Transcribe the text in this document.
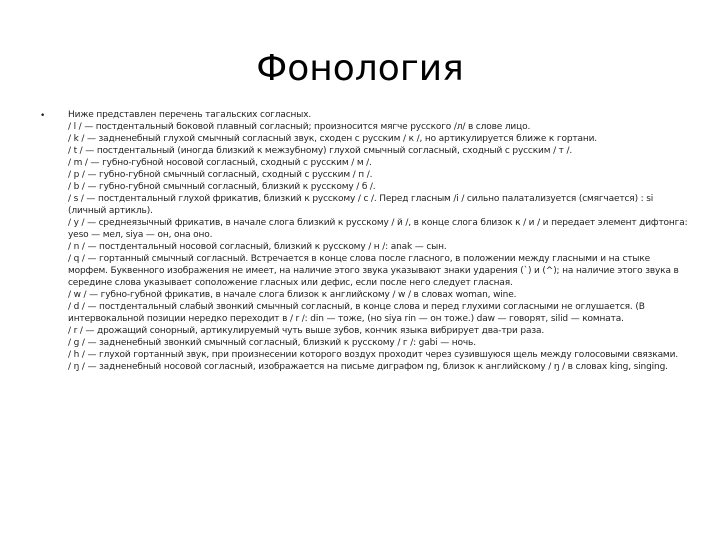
Фонология
•	Ниже представлен перечень тагальских согласных.
/ l / — постдентальный боковой плавный согласный; произносится мягче русского /л/ в слове лицо.
/ k / — задненебный глухой смычный согласный звук, сходен с русским / к /, но артикулируется ближе к гортани.
/ t / — постдентальный (иногда близкий к межзубному) глухой смычный согласный, сходный с русским / т /.
/ m / — губно-губной носовой согласный, сходный с русским / м /.
/ p / — губно-губной смычный согласный, сходный с русским / п /.
/ b / — губно-губной смычный согласный, близкий к русскому / б /.
/ s / — постдентальный глухой фрикатив, близкий к русскому / с /. Перед гласным /i / сильно палатализуется (смягчается) : si (личный артикль).
/ y / — среднеязычный фрикатив, в начале слога близкий к русскому / й /, в конце слога близок к / и / и передает элемент дифтонга: yeso — мел, siya — он, она оно.
/ n / — постдентальный носовой согласный, близкий к русскому / н /: anak — сын.
/ q / — гортанный смычный согласный. Встречается в конце слова после гласного, в положении между гласными и на стыке морфем. Буквенного изображения не имеет, на наличие этого звука указывают знаки ударения (`) и (^); на наличие этого звука в середине слова указывает соположение гласных или дефис, если после него следует гласная.
/ w / — губно-губной фрикатив, в начале слога близок к английскому / w / в словах woman, wine.
/ d / — постдентальный слабый звонкий смычный согласный, в конце слова и перед глухими согласными не оглушается. (В интервокальной позиции нередко переходит в / r /: din — тоже, (но siya rin — он тоже.) daw — говорят, silid — комната.
/ r / — дрожащий сонорный, артикулируемый чуть выше зубов, кончик языка вибрирует два-три раза.
/ g / — задненебный звонкий смычный согласный, близкий к русскому / г /: gabi — ночь.
/ h / — глухой гортанный звук, при произнесении которого воздух проходит через сузившуюся щель между голосовыми связками.
/ ŋ / — задненебный носовой согласный, изображается на письме диграфом ng, близок к английскому / ŋ / в словах king, singing.
